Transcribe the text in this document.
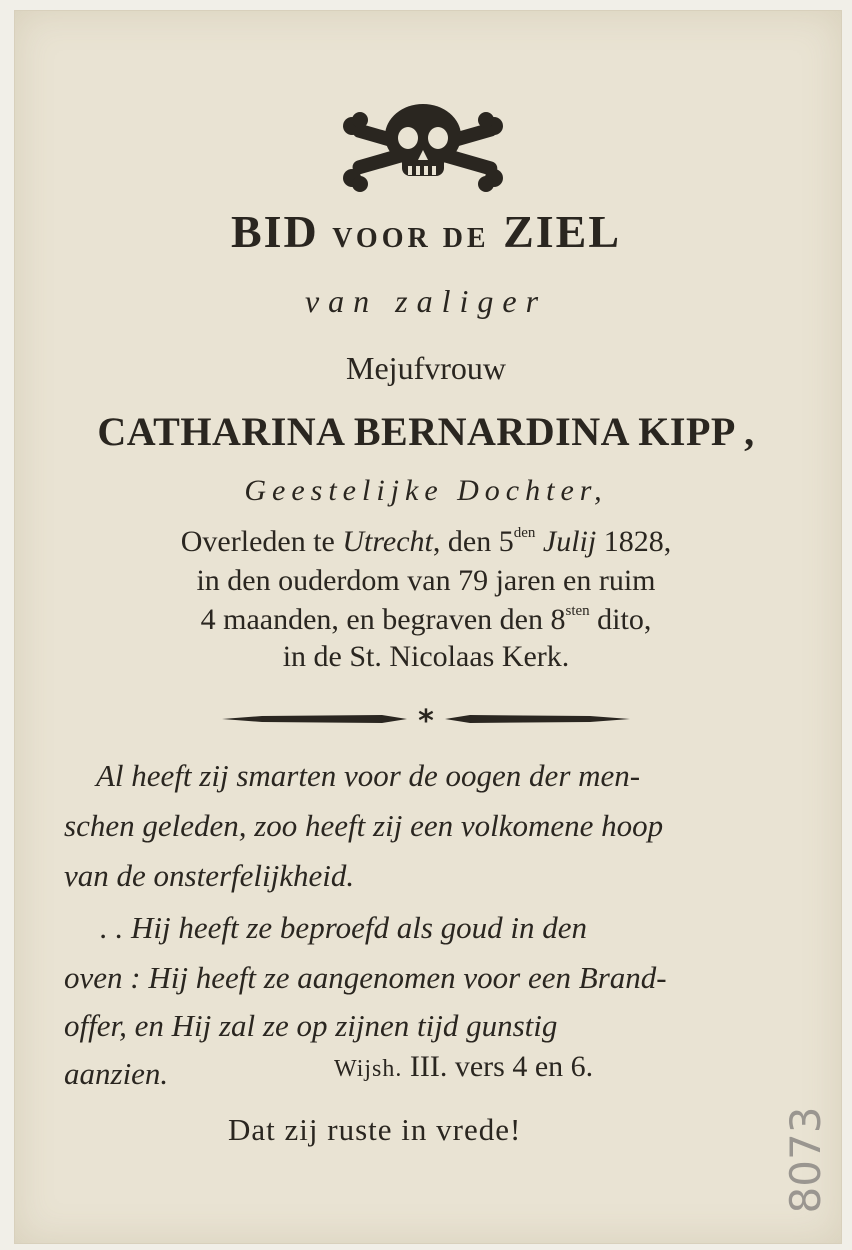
BID VOOR DE ZIEL
van zaliger
Mejufvrouw
CATHARINA BERNARDINA KIPP ,
Geestelijke Dochter,
Overleden te Utrecht, den $5^{den}$ Julij 1828,
in den ouderdom van 79 jaren en ruim
4 maanden, en begraven den $8^{sten}$ dito,
in de St. Nicolaas Kerk.
*
Al heeft zij smarten voor de oogen der men-
schen geleden, zoo heeft zij een volkomene hoop
van de onsterfelijkheid.
. . Hij heeft ze beproefd als goud in den
oven : Hij heeft ze aangenomen voor een Brand-
offer, en Hij zal ze op zijnen tijd gunstig
aanzien.	Wijsh. III. vers 4 en 6.
Dat zij ruste in vrede!	8073
